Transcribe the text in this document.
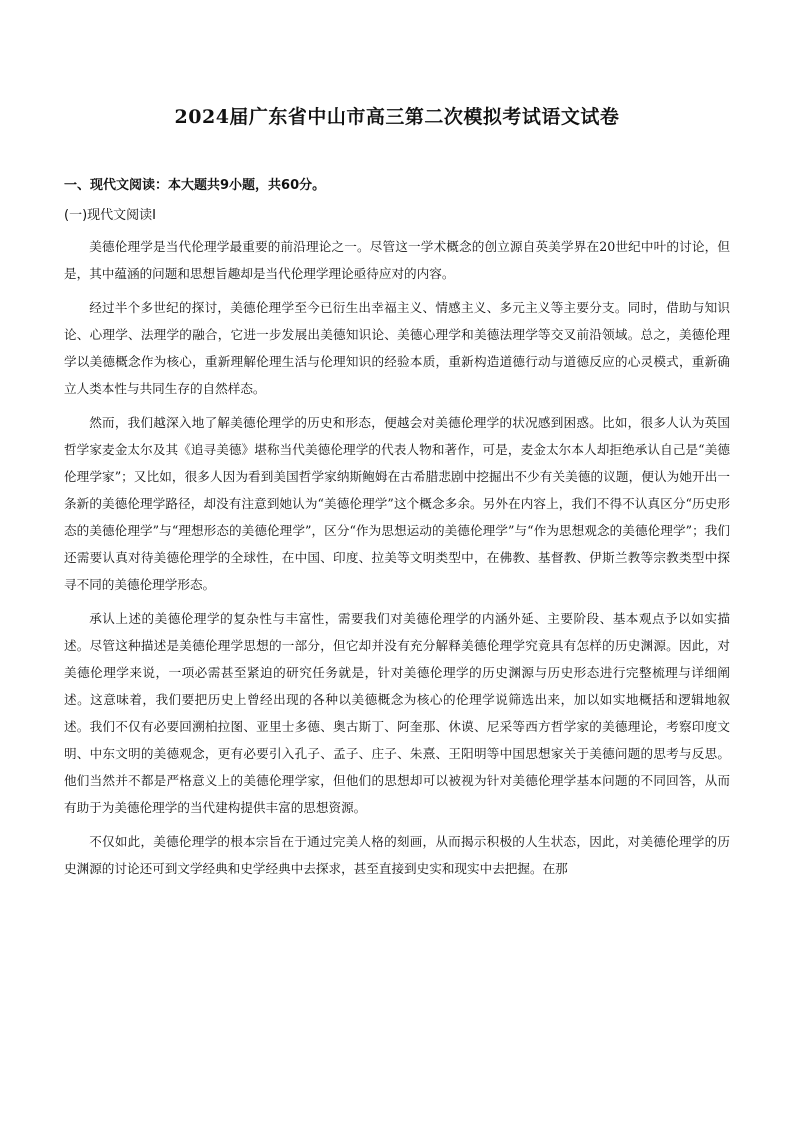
2024届广东省中山市高三第二次模拟考试语文试卷
一、现代文阅读：本大题共9小题，共60分。
(一)现代文阅读Ⅰ

美德伦理学是当代伦理学最重要的前沿理论之一。尽管这一学术概念的创立源自英美学界在20世纪中叶的讨论，但是，其中蕴涵的问题和思想旨趣却是当代伦理学理论亟待应对的内容。

经过半个多世纪的探讨，美德伦理学至今已衍生出幸福主义、情感主义、多元主义等主要分支。同时，借助与知识论、心理学、法理学的融合，它进一步发展出美德知识论、美德心理学和美德法理学等交叉前沿领域。总之，美德伦理学以美德概念作为核心，重新理解伦理生活与伦理知识的经验本质，重新构造道德行动与道德反应的心灵模式，重新确立人类本性与共同生存的自然样态。

然而，我们越深入地了解美德伦理学的历史和形态，便越会对美德伦理学的状况感到困惑。比如，很多人认为英国哲学家麦金太尔及其《追寻美德》堪称当代美德伦理学的代表人物和著作，可是，麦金太尔本人却拒绝承认自己是“美德伦理学家”；又比如，很多人因为看到美国哲学家纳斯鲍姆在古希腊悲剧中挖掘出不少有关美德的议题，便认为她开出一条新的美德伦理学路径，却没有注意到她认为“美德伦理学”这个概念多余。另外在内容上，我们不得不认真区分“历史形态的美德伦理学”与“理想形态的美德伦理学”，区分“作为思想运动的美德伦理学”与“作为思想观念的美德伦理学”；我们还需要认真对待美德伦理学的全球性，在中国、印度、拉美等文明类型中，在佛教、基督教、伊斯兰教等宗教类型中探寻不同的美德伦理学形态。

承认上述的美德伦理学的复杂性与丰富性，需要我们对美德伦理学的内涵外延、主要阶段、基本观点予以如实描述。尽管这种描述是美德伦理学思想的一部分，但它却并没有充分解释美德伦理学究竟具有怎样的历史渊源。因此，对美德伦理学来说，一项必需甚至紧迫的研究任务就是，针对美德伦理学的历史渊源与历史形态进行完整梳理与详细阐述。这意味着，我们要把历史上曾经出现的各种以美德概念为核心的伦理学说筛选出来，加以如实地概括和逻辑地叙述。我们不仅有必要回溯柏拉图、亚里士多德、奥古斯丁、阿奎那、休谟、尼采等西方哲学家的美德理论，考察印度文明、中东文明的美德观念，更有必要引入孔子、孟子、庄子、朱熹、王阳明等中国思想家关于美德问题的思考与反思。他们当然并不都是严格意义上的美德伦理学家，但他们的思想却可以被视为针对美德伦理学基本问题的不同回答，从而有助于为美德伦理学的当代建构提供丰富的思想资源。

不仅如此，美德伦理学的根本宗旨在于通过完美人格的刻画，从而揭示积极的人生状态，因此，对美德伦理学的历史渊源的讨论还可到文学经典和史学经典中去探求，甚至直接到史实和现实中去把握。在那
